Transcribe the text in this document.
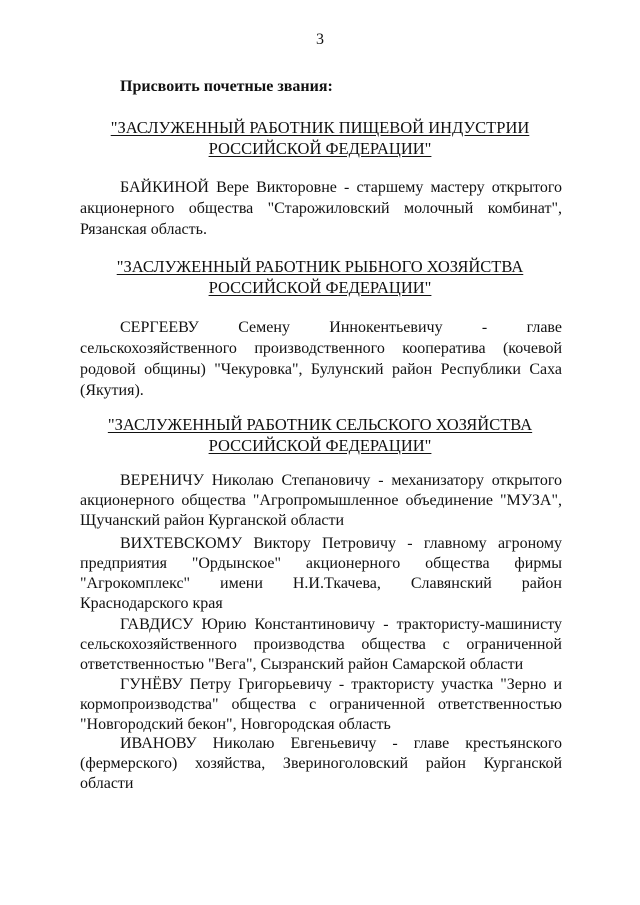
3
Присвоить почетные звания:
"ЗАСЛУЖЕННЫЙ РАБОТНИК ПИЩЕВОЙ ИНДУСТРИИ
РОССИЙСКОЙ ФЕДЕРАЦИИ"
БАЙКИНОЙ Вере Викторовне - старшему мастеру открытого акционерного общества "Старожиловский молочный комбинат", Рязанская область.
"ЗАСЛУЖЕННЫЙ РАБОТНИК РЫБНОГО ХОЗЯЙСТВА
РОССИЙСКОЙ ФЕДЕРАЦИИ"
СЕРГЕЕВУ Семену Иннокентьевичу - главе сельскохозяйственного производственного кооператива (кочевой родовой общины) "Чекуровка", Булунский район Республики Саха (Якутия).
"ЗАСЛУЖЕННЫЙ РАБОТНИК СЕЛЬСКОГО ХОЗЯЙСТВА
РОССИЙСКОЙ ФЕДЕРАЦИИ"
ВЕРЕНИЧУ Николаю Степановичу - механизатору открытого акционерного общества "Агропромышленное объединение "МУЗА", Щучанский район Курганской области
ВИХТЕВСКОМУ Виктору Петровичу - главному агроному предприятия "Ордынское" акционерного общества фирмы "Агрокомплекс" имени Н.И.Ткачева, Славянский район Краснодарского края
ГАВДИСУ Юрию Константиновичу - трактористу-машинисту сельскохозяйственного производства общества с ограниченной ответственностью "Вега", Сызранский район Самарской области
ГУНЁВУ Петру Григорьевичу - трактористу участка "Зерно и кормопроизводства" общества с ограниченной ответственностью "Новгородский бекон", Новгородская область
ИВАНОВУ Николаю Евгеньевичу - главе крестьянского (фермерского) хозяйства, Звериноголовский район Курганской области
